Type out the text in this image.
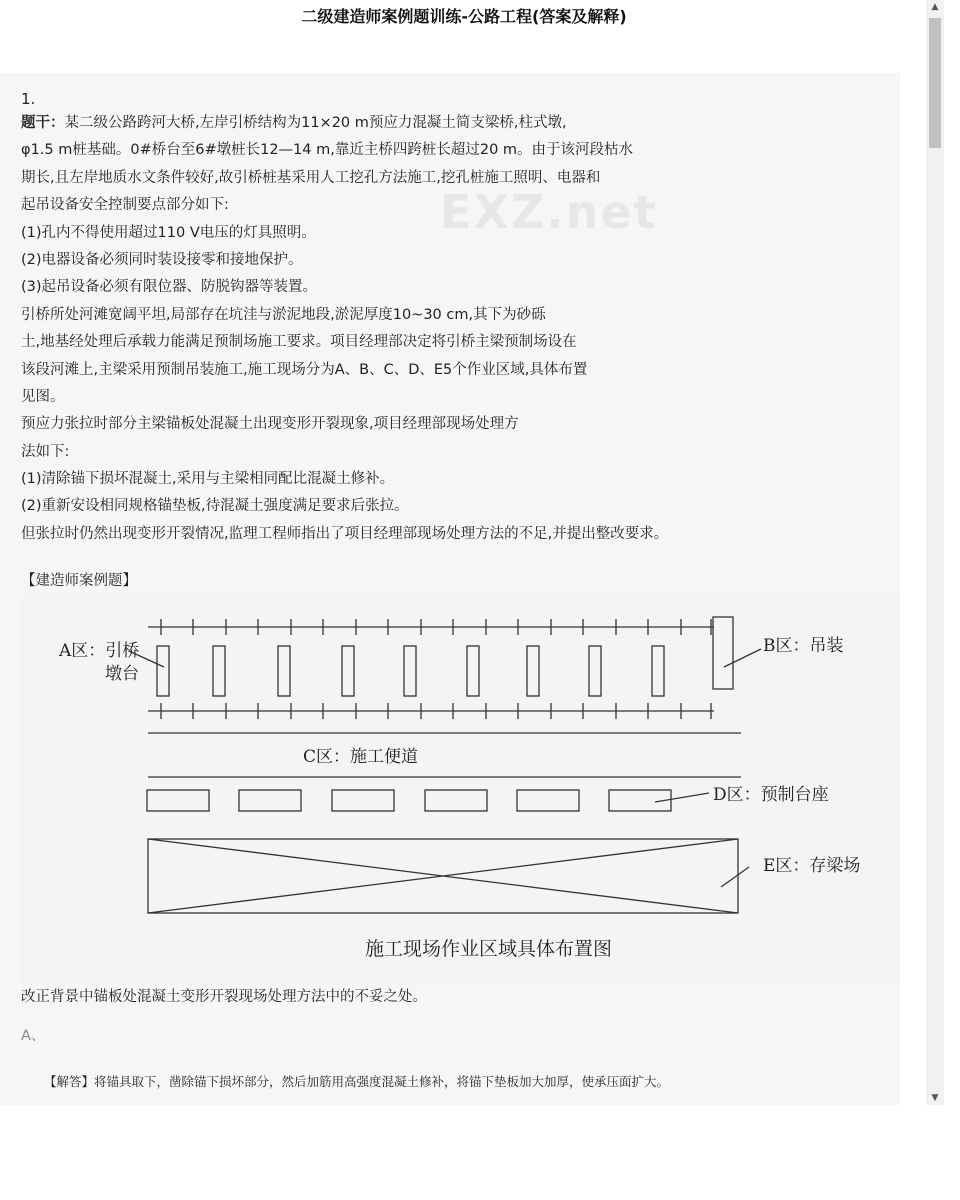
二级建造师案例题训练-公路工程(答案及解释)
EXZ.net
1.
题干：某二级公路跨河大桥,左岸引桥结构为11×20 m预应力混凝土简支梁桥,柱式墩,
φ1.5 m桩基础。0#桥台至6#墩桩长12—14 m,靠近主桥四跨桩长超过20 m。由于该河段枯水
期长,且左岸地质水文条件较好,故引桥桩基采用人工挖孔方法施工,挖孔桩施工照明、电器和
起吊设备安全控制要点部分如下:
(1)孔内不得使用超过110 V电压的灯具照明。
(2)电器设备必须同时装设接零和接地保护。
(3)起吊设备必须有限位器、防脱钩器等装置。
引桥所处河滩宽阔平坦,局部存在坑洼与淤泥地段,淤泥厚度10~30 cm,其下为砂砾
土,地基经处理后承载力能满足预制场施工要求。项目经理部决定将引桥主梁预制场设在
该段河滩上,主梁采用预制吊装施工,施工现场分为A、B、C、D、E5个作业区域,具体布置
见图。
预应力张拉时部分主梁锚板处混凝土出现变形开裂现象,项目经理部现场处理方
法如下:
(1)清除锚下损坏混凝土,采用与主梁相同配比混凝土修补。
(2)重新安设相同规格锚垫板,待混凝土强度满足要求后张拉。
但张拉时仍然出现变形开裂情况,监理工程师指出了项目经理部现场处理方法的不足,并提出整改要求。
【建造师案例题】
A区：引桥
墩台
B区：吊装
C区：施工便道
D区：预制台座
E区：存梁场
施工现场作业区域具体布置图
改正背景中锚板处混凝土变形开裂现场处理方法中的不妥之处。
A、
【解答】将锚具取下，凿除锚下损坏部分，然后加筋用高强度混凝土修补，将锚下垫板加大加厚，使承压面扩大。
▲
▼
